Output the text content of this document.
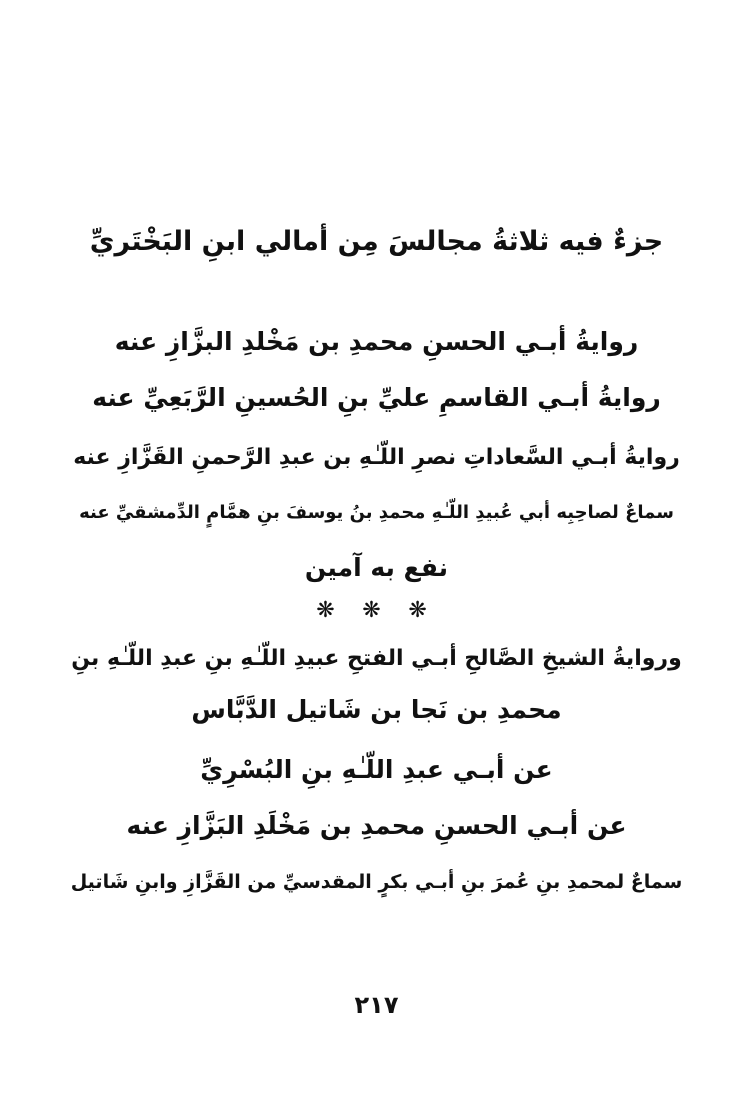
جزءٌ فيه ثلاثةُ مجالسَ مِن أمالي ابنِ البَخْتَريِّ
روايةُ أبـي الحسنِ محمدِ بن مَخْلدِ البزَّازِ عنه
روايةُ أبـي القاسمِ عليِّ بنِ الحُسينِ الرَّبَعِيِّ عنه
روايةُ أبـي السَّعاداتِ نصرِ اللّـٰهِ بن عبدِ الرَّحمنِ القَزَّازِ عنه
سماعٌ لصاحِبِه أبي عُبيدِ اللّـٰهِ محمدِ بنُ يوسفَ بنِ همَّامٍ الدِّمشقيِّ عنه
نفع به آمين
❋ ❋ ❋
وروايةُ الشيخِ الصَّالحِ أبـي الفتحِ عبيدِ اللّـٰهِ بنِ عبدِ اللّـٰهِ بنِ
محمدِ بن نَجا بن شَاتيل الدَّبَّاس
عن أبـي عبدِ اللّـٰهِ بنِ البُسْرِيِّ
عن أبـي الحسنِ محمدِ بن مَخْلَدِ البَزَّازِ عنه
سماعٌ لمحمدِ بنِ عُمرَ بنِ أبـي بكرٍ المقدسيِّ من القَزَّازِ وابنِ شَاتيل
٢١٧
